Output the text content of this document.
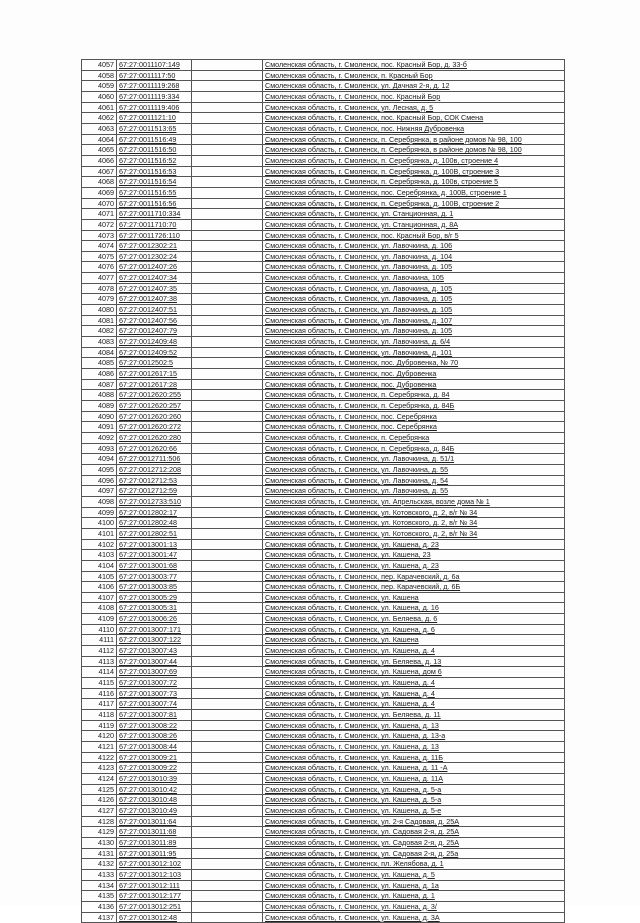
4057	67:27:0011107:149		Смоленская область, г. Смоленск, пос. Красный Бор, д. 33-б
4058	67:27:0011117:50		Смоленская область, г. Смоленск, п. Красный Бор
4059	67:27:0011119:268		Смоленская область, г. Смоленск, ул. Дачная 2-я, д. 12
4060	67:27:0011119:334		Смоленская область, г. Смоленск, пос. Красный Бор
4061	67:27:0011119:406		Смоленская область, г. Смоленск, ул. Лесная, д. 5
4062	67:27:0011121:10		Смоленская область, г. Смоленск, пос. Красный Бор, СОК Смена
4063	67:27:0011513:65		Смоленская область, г. Смоленск, пос. Нижняя Дубровенка
4064	67:27:0011516:49		Смоленская область, г. Смоленск, п. Серебрянка, в районе домов № 98, 100
4065	67:27:0011516:50		Смоленская область, г. Смоленск, п. Серебрянка, в районе домов № 98, 100
4066	67:27:0011516:52		Смоленская область, г. Смоленск, п. Серебрянка, д. 100в, строение 4
4067	67:27:0011516:53		Смоленская область, г. Смоленск, п. Серебрянка, д. 100В, строение 3
4068	67:27:0011516:54		Смоленская область, г. Смоленск, п. Серебрянка, д. 100в, строение 5
4069	67:27:0011516:55		Смоленская область, г. Смоленск, пос. Серебрянка, д. 100В, строение 1
4070	67:27:0011516:56		Смоленская область, г. Смоленск, п. Серебрянка, д. 100В, строение 2
4071	67:27:0011710:334		Смоленская область, г. Смоленск, ул. Станционная, д. 1
4072	67:27:0011710:70		Смоленская область, г. Смоленск, ул. Станционная, д. 8А
4073	67:27:0011726:110		Смоленская область, г. Смоленск, пос. Красный Бор, в/г 5
4074	67:27:0012302:21		Смоленская область, г. Смоленск, ул. Лавочкина, д. 106
4075	67:27:0012302:24		Смоленская область, г. Смоленск, ул. Лавочкина, д. 104
4076	67:27:0012407:26		Смоленская область, г. Смоленск, ул. Лавочкина, д. 105
4077	67:27:0012407:34		Смоленская область, г. Смоленск, ул. Лавочкина, 105
4078	67:27:0012407:35		Смоленская область, г. Смоленск, ул. Лавочкина, д. 105
4079	67:27:0012407:38		Смоленская область, г. Смоленск, ул. Лавочкина, д. 105
4080	67:27:0012407:51		Смоленская область, г. Смоленск, ул. Лавочкина, д. 105
4081	67:27:0012407:56		Смоленская область, г. Смоленск, ул. Лавочкина, д. 107
4082	67:27:0012407:79		Смоленская область, г. Смоленск, ул. Лавочкина, д. 105
4083	67:27:0012409:48		Смоленская область, г. Смоленск, ул. Лавочкина, д. 6/4
4084	67:27:0012409:52		Смоленская область, г. Смоленск, ул. Лавочкина, д. 101
4085	67:27:0012502:5		Смоленская область, г. Смоленск, пос. Дубровенка, № 70
4086	67:27:0012617:15		Смоленская область, г. Смоленск, пос. Дубровенка
4087	67:27:0012617:28		Смоленская область, г. Смоленск, пос. Дубровенка
4088	67:27:0012620:255		Смоленская область, г. Смоленск, п. Серебрянка, д. 84
4089	67:27:0012620:257		Смоленская область, г. Смоленск, п. Серебрянка, д. 84Б
4090	67:27:0012620:260		Смоленская область, г. Смоленск, пос. Серебрянка
4091	67:27:0012620:272		Смоленская область, г. Смоленск, пос. Серебрянка
4092	67:27:0012620:280		Смоленская область, г. Смоленск, п. Серебрянка
4093	67:27:0012620:66		Смоленская область, г. Смоленск, п. Серебрянка, д. 84Б
4094	67:27:0012711:506		Смоленская область, г. Смоленск, ул. Лавочкина, д. 51/1
4095	67:27:0012712:208		Смоленская область, г. Смоленск, ул. Лавочкина, д. 55
4096	67:27:0012712:53		Смоленская область, г. Смоленск, ул. Лавочкина, д. 54
4097	67:27:0012712:59		Смоленская область, г. Смоленск, ул. Лавочкина, д. 55
4098	67:27:0012733:510		Смоленская область, г. Смоленск, ул. Апрельская, возле дома № 1
4099	67:27:0012802:17		Смоленская область, г. Смоленск, ул. Котовского, д. 2, в/г № 34
4100	67:27:0012802:48		Смоленская область, г. Смоленск, ул. Котовского, д. 2, в/г № 34
4101	67:27:0012802:51		Смоленская область, г. Смоленск, ул. Котовского, д. 2, в/г № 34
4102	67:27:0013001:13		Смоленская область, г. Смоленск, ул. Кашена, д. 23
4103	67:27:0013001:47		Смоленская область, г. Смоленск, ул. Кашена, 23
4104	67:27:0013001:68		Смоленская область, г. Смоленск, ул. Кашена, д. 23
4105	67:27:0013003:77		Смоленская область, г. Смоленск, пер. Карачевский, д. 6а
4106	67:27:0013003:85		Смоленская область, г. Смоленск, пер. Карачевский, д. 6Б
4107	67:27:0013005:29		Смоленская область, г. Смоленск, ул. Кашена
4108	67:27:0013005:31		Смоленская область, г. Смоленск, ул. Кашена, д. 16
4109	67:27:0013006:26		Смоленская область, г. Смоленск, ул. Беляева, д. 6
4110	67:27:0013007:171		Смоленская область, г. Смоленск, ул. Кашена, д. 6
4111	67:27:0013007:122		Смоленская область, г. Смоленск, ул. Кашена
4112	67:27:0013007:43		Смоленская область, г. Смоленск, ул. Кашена, д. 4
4113	67:27:0013007:44		Смоленская область, г. Смоленск, ул. Беляева, д. 13
4114	67:27:0013007:69		Смоленская область, г. Смоленск, ул. Кашена, дом 6
4115	67:27:0013007:72		Смоленская область, г. Смоленск, ул. Кашена, д. 4
4116	67:27:0013007:73		Смоленская область, г. Смоленск, ул. Кашена, д. 4
4117	67:27:0013007:74		Смоленская область, г. Смоленск, ул. Кашена, д. 4
4118	67:27:0013007:81		Смоленская область, г. Смоленск, ул. Беляева, д. 11
4119	67:27:0013008:22		Смоленская область, г. Смоленск, ул. Кашена, д. 13
4120	67:27:0013008:26		Смоленская область, г. Смоленск, ул. Кашена, д. 13-а
4121	67:27:0013008:44		Смоленская область, г. Смоленск, ул. Кашена, д. 13
4122	67:27:0013009:21		Смоленская область, г. Смоленск, ул. Кашена, д. 11Б
4123	67:27:0013009:22		Смоленская область, г. Смоленск, ул. Кашена, д. 11 -А
4124	67:27:0013010:39		Смоленская область, г. Смоленск, ул. Кашена, д. 11А
4125	67:27:0013010:42		Смоленская область, г. Смоленск, ул. Кашена, д. 5-а
4126	67:27:0013010:48		Смоленская область, г. Смоленск, ул. Кашена, д. 5-а
4127	67:27:0013010:49		Смоленская область, г. Смоленск, ул. Кашена, д. 5-е
4128	67:27:0013011:64		Смоленская область, г. Смоленск, ул. 2-я Садовая, д. 25А
4129	67:27:0013011:68		Смоленская область, г. Смоленск, ул. Садовая 2-я, д. 25А
4130	67:27:0013011:89		Смоленская область, г. Смоленск, ул. Садовая 2-я, д. 25А
4131	67:27:0013011:95		Смоленская область, г. Смоленск, ул. Садовая 2-я, д. 25а
4132	67:27:0013012:102		Смоленская область, г. Смоленск, пл. Желябова, д. 1
4133	67:27:0013012:103		Смоленская область, г. Смоленск, ул. Кашена, д. 5
4134	67:27:0013012:111		Смоленская область, г. Смоленск, ул. Кашена, д. 1а
4135	67:27:0013012:177		Смоленская область, г. Смоленск, ул. Кашена, д. 1
4136	67:27:0013012:251		Смоленская область, г. Смоленск, ул. Кашена, д. 3/
4137	67:27:0013012:48		Смоленская область, г. Смоленск, ул. Кашена, д. 3А
